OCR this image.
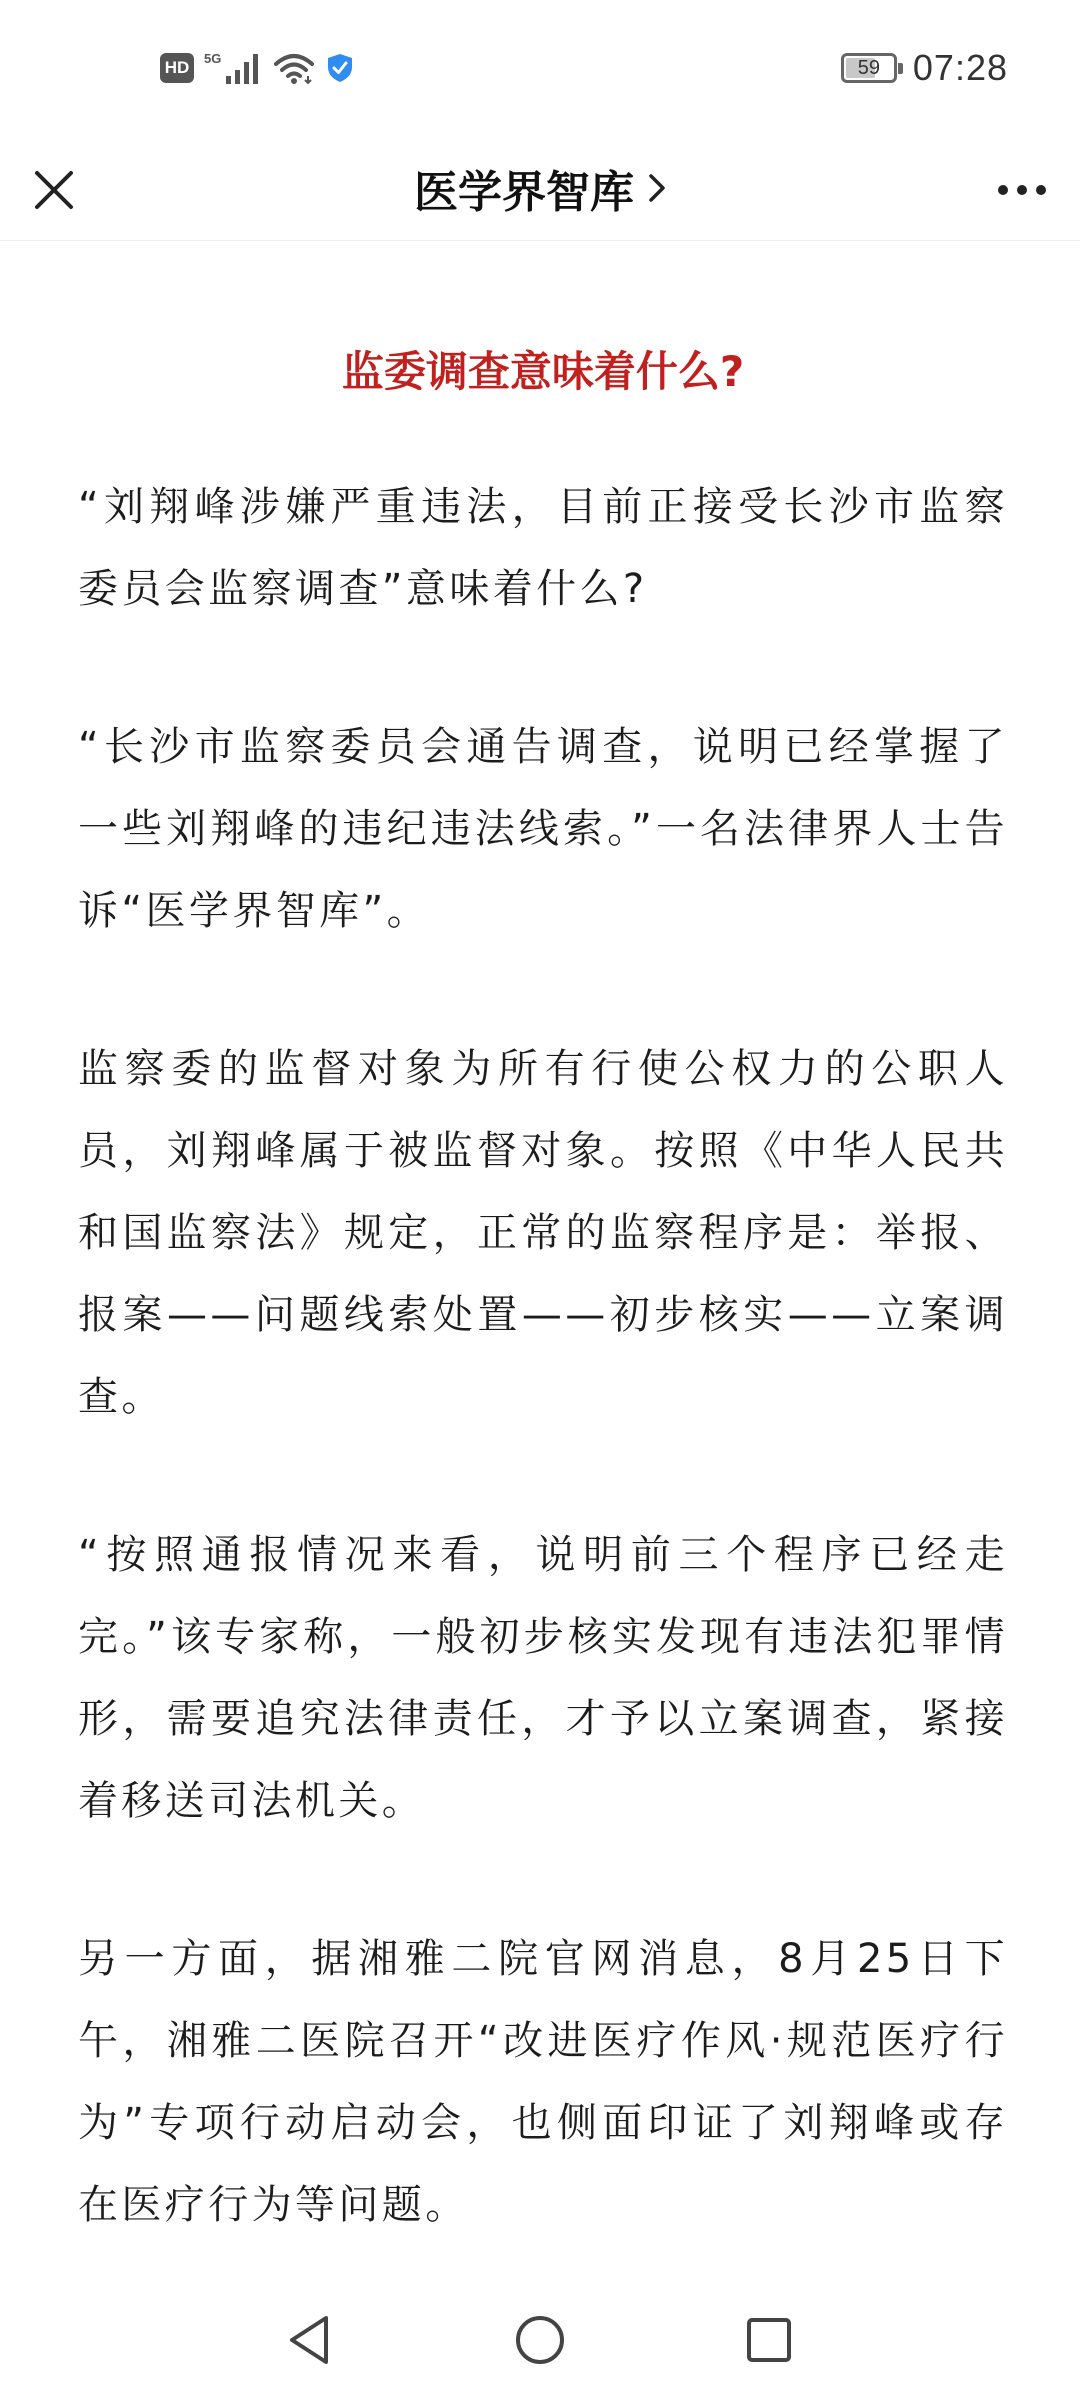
HD	5G	59 07:28
医学界智库
监委调查意味着什么?

“刘翔峰涉嫌严重违法，目前正接受长沙市监察委员会监察调查”意味着什么?

“长沙市监察委员会通告调查，说明已经掌握了一些刘翔峰的违纪违法线索。”一名法律界人士告诉“医学界智库”。

监察委的监督对象为所有行使公权力的公职人员，刘翔峰属于被监督对象。按照《中华人民共和国监察法》规定，正常的监察程序是：举报、报案——问题线索处置——初步核实——立案调查。

“按照通报情况来看，说明前三个程序已经走完。”该专家称，一般初步核实发现有违法犯罪情形，需要追究法律责任，才予以立案调查，紧接着移送司法机关。

另一方面，据湘雅二院官网消息，8月25日下午，湘雅二医院召开“改进医疗作风·规范医疗行为”专项行动启动会，也侧面印证了刘翔峰或存在医疗行为等问题。
